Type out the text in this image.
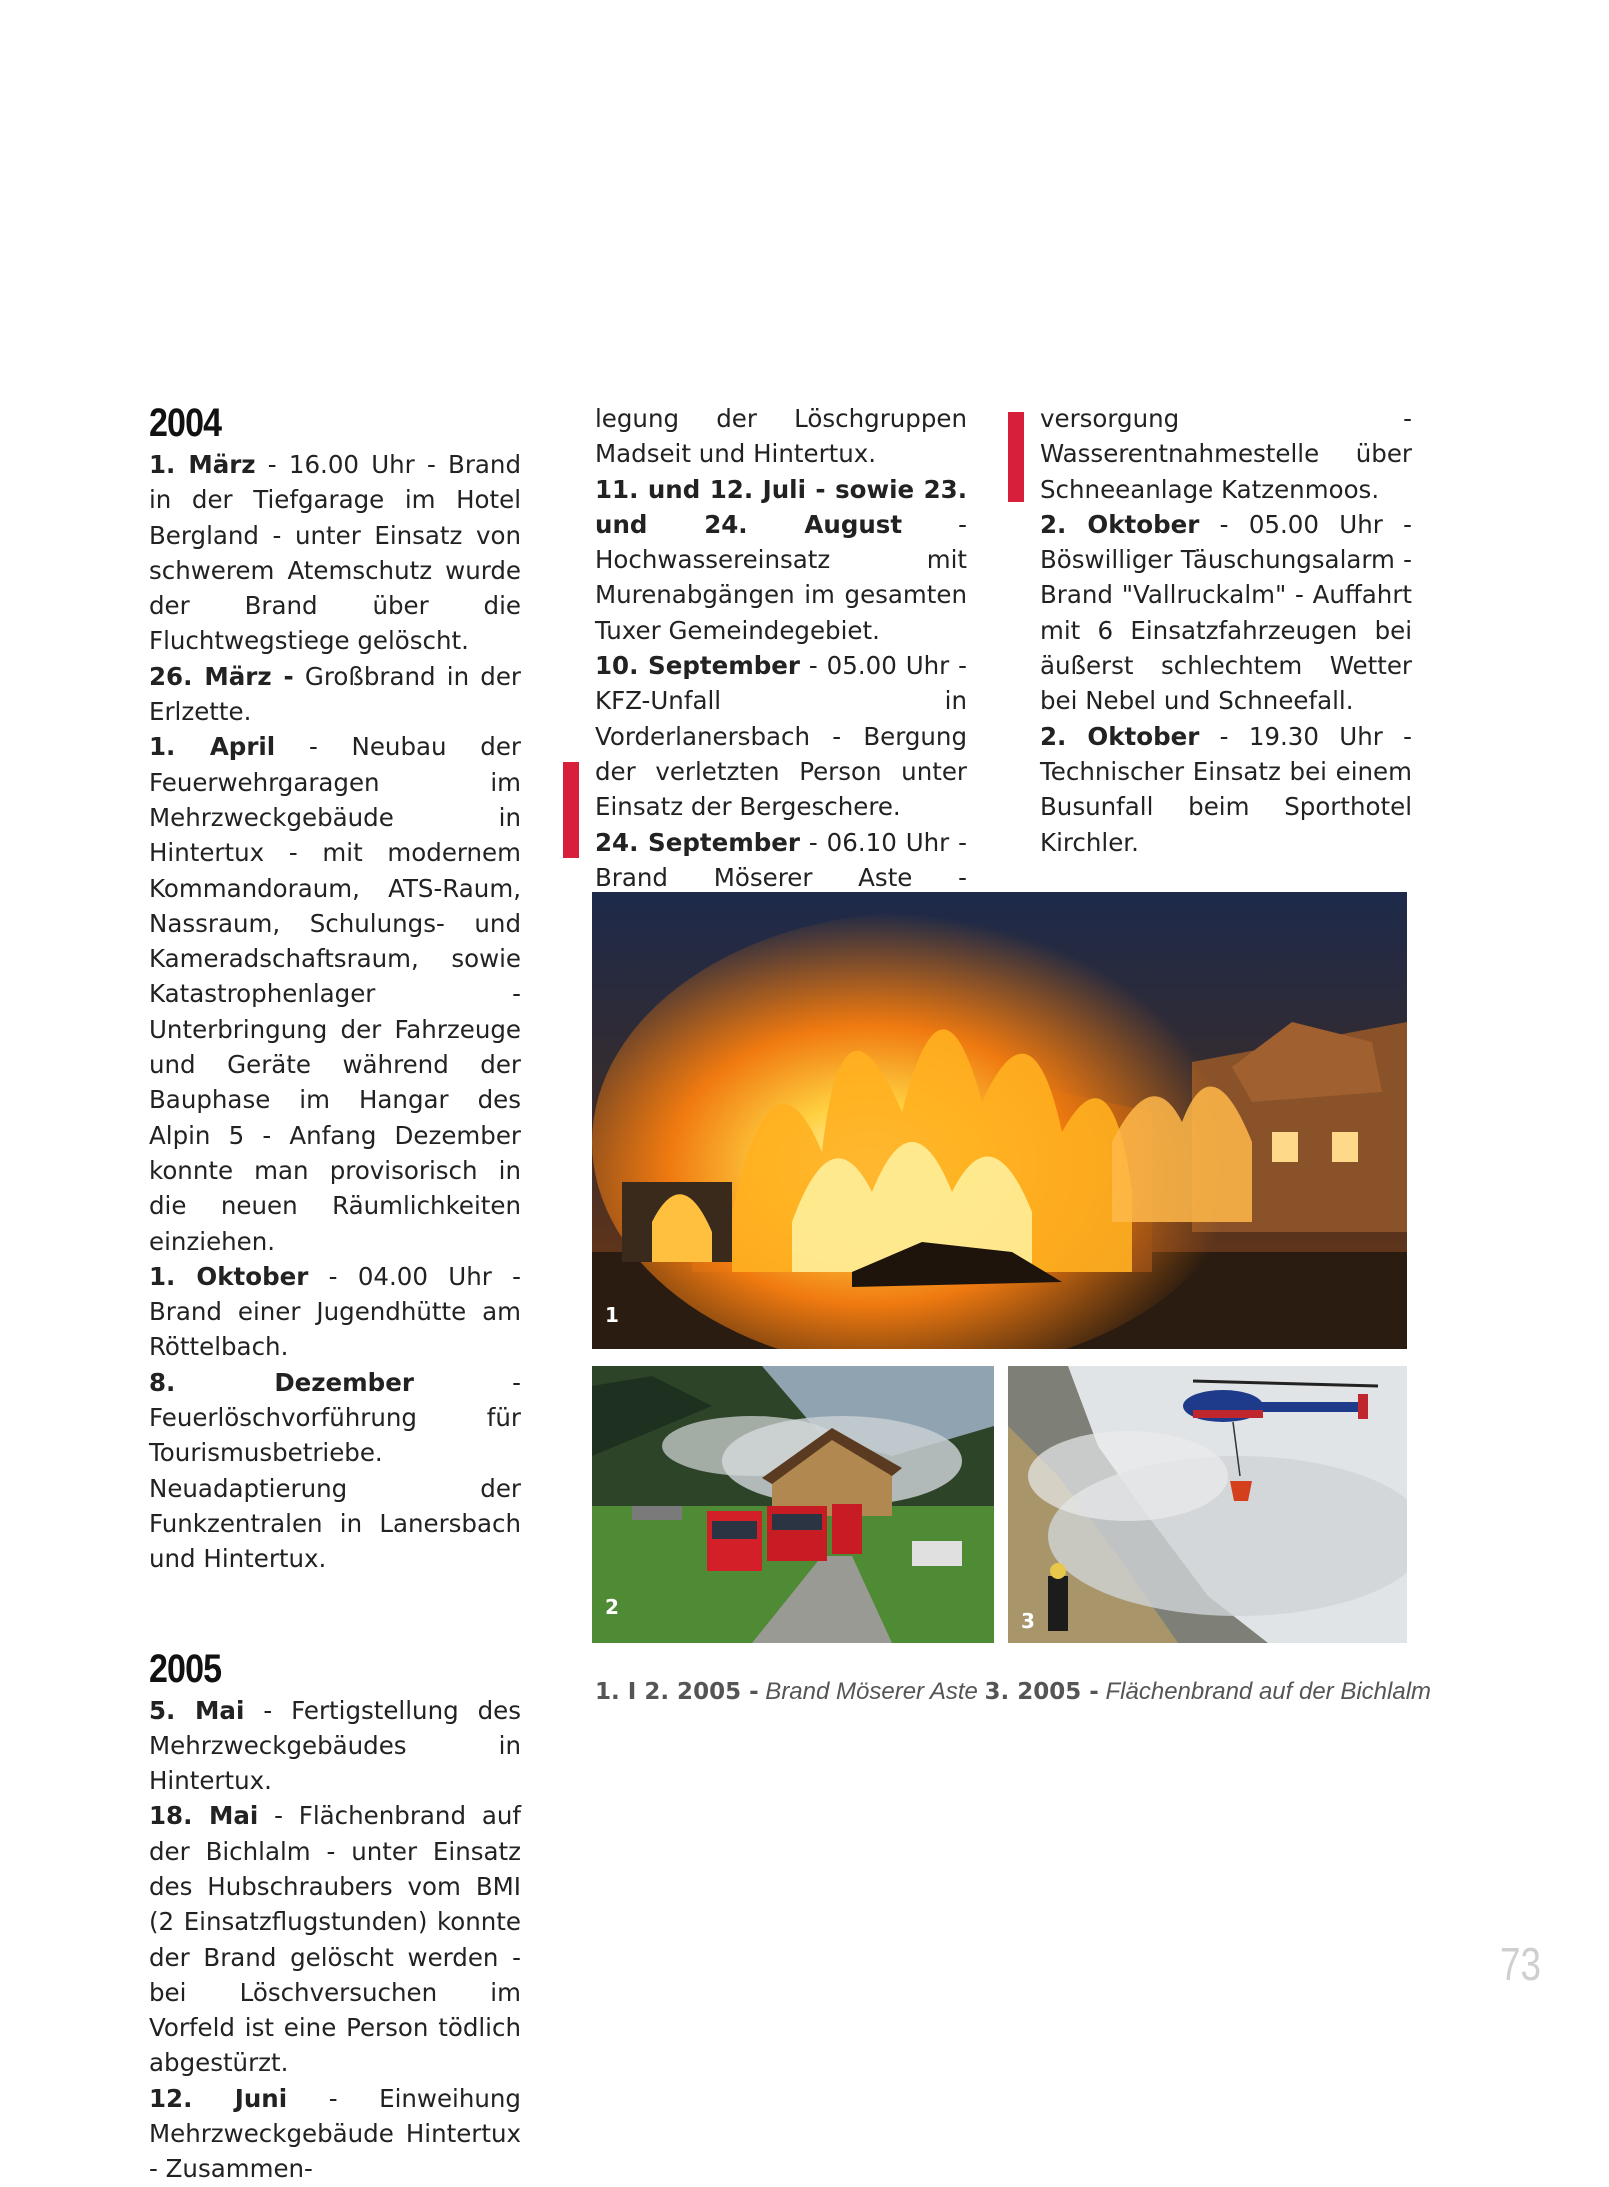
2004

1. März - 16.00 Uhr - Brand in der Tiefgarage im Hotel Bergland - unter Einsatz von schwerem Atemschutz wurde der Brand über die Fluchtwegstiege gelöscht.

26. März - Großbrand in der Erlzette.

1. April - Neubau der Feuerwehrgaragen im Mehrzweckgebäude in Hintertux - mit modernem Kommandoraum, ATS-Raum, Nassraum, Schulungs- und Kameradschaftsraum, sowie Katastrophenlager - Unterbringung der Fahrzeuge und Geräte während der Bauphase im Hangar des Alpin 5 - Anfang Dezember konnte man provisorisch in die neuen Räumlichkeiten einziehen.

1. Oktober - 04.00 Uhr - Brand einer Jugendhütte am Röttelbach.

8. Dezember - Feuerlöschvorführung für Tourismusbetriebe. Neuadaptierung der Funkzentralen in Lanersbach und Hintertux.

2005

5. Mai - Fertigstellung des Mehrzweckgebäudes in Hintertux.

18. Mai - Flächenbrand auf der Bichlalm - unter Einsatz des Hubschraubers vom BMI (2 Einsatzflugstunden) konnte der Brand gelöscht werden - bei Löschversuchen im Vorfeld ist eine Person tödlich abgestürzt.

12. Juni - Einweihung Mehrzweckgebäude Hintertux - Zusammen-

legung der Löschgruppen Madseit und Hintertux.

11. und 12. Juli - sowie 23. und 24. August - Hochwassereinsatz mit Murenabgängen im gesamten Tuxer Gemeindegebiet.

10. September - 05.00 Uhr - KFZ-Unfall in Vorderlanersbach - Bergung der verletzten Person unter Einsatz der Bergeschere.

24. September - 06.10 Uhr - Brand Möserer Aste -

versorgung - Wasserentnahmestelle über Schneeanlage Katzenmoos.

2. Oktober - 05.00 Uhr - Böswilliger Täuschungsalarm - Brand "Vallruckalm" - Auffahrt mit 6 Einsatzfahrzeugen bei äußerst schlechtem Wetter bei Nebel und Schneefall.

2. Oktober - 19.30 Uhr - Technischer Einsatz bei einem Busunfall beim Sporthotel Kirchler.

1
2
3
1. I 2. 2005 - Brand Möserer Aste 3. 2005 - Flächenbrand auf der Bichlalm
73
